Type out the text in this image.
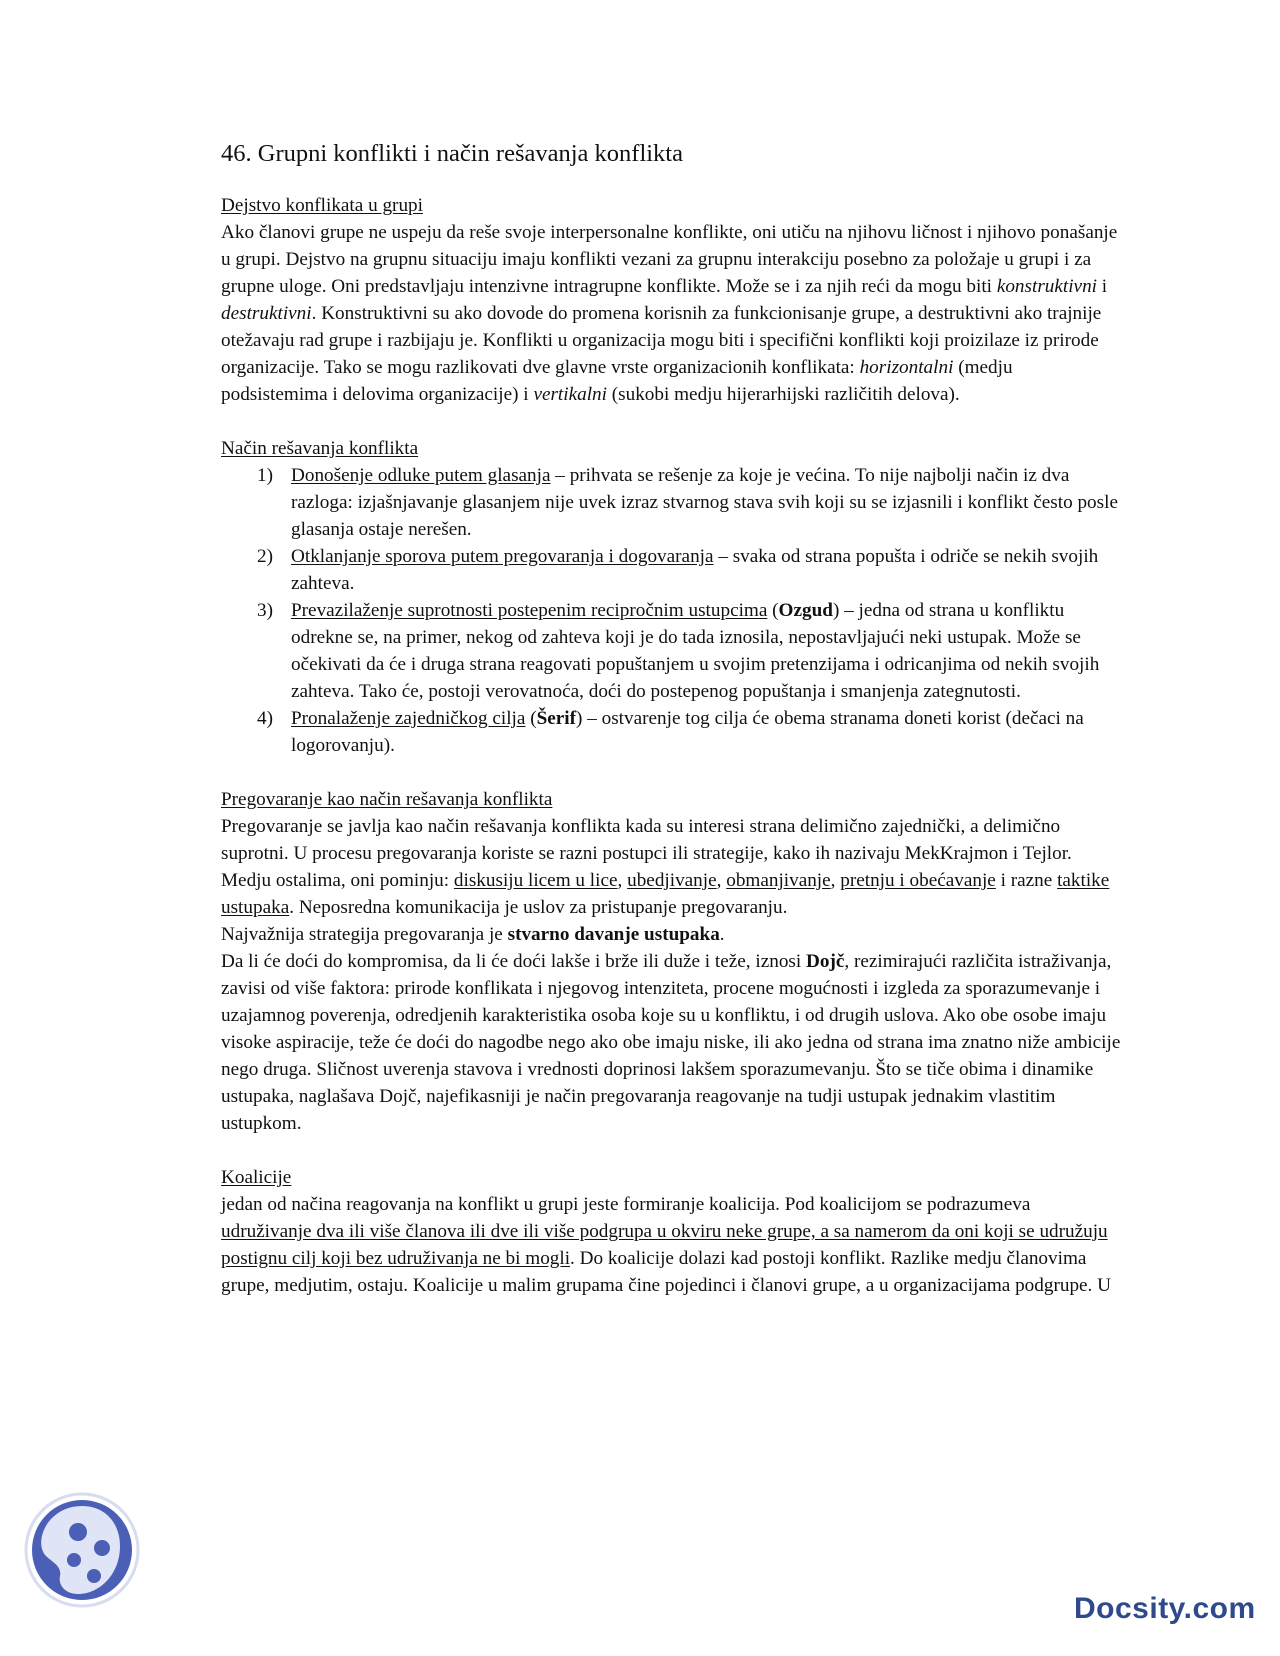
46. Grupni konflikti i način rešavanja konflikta
Dejstvo konflikata u grupi

Ako članovi grupe ne uspeju da reše svoje interpersonalne konflikte, oni utiču na njihovu ličnost i njihovo ponašanje u grupi. Dejstvo na grupnu situaciju imaju konflikti vezani za grupnu interakciju posebno za položaje u grupi i za grupne uloge. Oni predstavljaju intenzivne intragrupne konflikte. Može se i za njih reći da mogu biti konstruktivni i destruktivni. Konstruktivni su ako dovode do promena korisnih za funkcionisanje grupe, a destruktivni ako trajnije otežavaju rad grupe i razbijaju je. Konflikti u organizacija mogu biti i specifični konflikti koji proizilaze iz prirode organizacije. Tako se mogu razlikovati dve glavne vrste organizacionih konflikata: horizontalni (medju podsistemima i delovima organizacije) i vertikalni (sukobi medju hijerarhijski različitih delova).

Način rešavanja konflikta
1) Donošenje odluke putem glasanja – prihvata se rešenje za koje je većina. To nije najbolji način iz dva razloga: izjašnjavanje glasanjem nije uvek izraz stvarnog stava svih koji su se izjasnili i konflikt često posle glasanja ostaje nerešen.
2) Otklanjanje sporova putem pregovaranja i dogovaranja – svaka od strana popušta i odriče se nekih svojih zahteva.
3) Prevazilaženje suprotnosti postepenim recipročnim ustupcima (Ozgud) – jedna od strana u konfliktu odrekne se, na primer, nekog od zahteva koji je do tada iznosila, nepostavljajući neki ustupak. Može se očekivati da će i druga strana reagovati popuštanjem u svojim pretenzijama i odricanjima od nekih svojih zahteva. Tako će, postoji verovatnoća, doći do postepenog popuštanja i smanjenja zategnutosti.
4) Pronalaženje zajedničkog cilja (Šerif) – ostvarenje tog cilja će obema stranama doneti korist (dečaci na logorovanju).
Pregovaranje kao način rešavanja konflikta

Pregovaranje se javlja kao način rešavanja konflikta kada su interesi strana delimično zajednički, a delimično suprotni. U procesu pregovaranja koriste se razni postupci ili strategije, kako ih nazivaju MekKrajmon i Tejlor. Medju ostalima, oni pominju: diskusiju licem u lice, ubedjivanje, obmanjivanje, pretnju i obećavanje i razne taktike ustupaka. Neposredna komunikacija je uslov za pristupanje pregovaranju.

Najvažnija strategija pregovaranja je stvarno davanje ustupaka.

Da li će doći do kompromisa, da li će doći lakše i brže ili duže i teže, iznosi Dojč, rezimirajući različita istraživanja, zavisi od više faktora: prirode konflikata i njegovog intenziteta, procene mogućnosti i izgleda za sporazumevanje i uzajamnog poverenja, odredjenih karakteristika osoba koje su u konfliktu, i od drugih uslova. Ako obe osobe imaju visoke aspiracije, teže će doći do nagodbe nego ako obe imaju niske, ili ako jedna od strana ima znatno niže ambicije nego druga. Sličnost uverenja stavova i vrednosti doprinosi lakšem sporazumevanju. Što se tiče obima i dinamike ustupaka, naglašava Dojč, najefikasniji je način pregovaranja reagovanje na tudji ustupak jednakim vlastitim ustupkom.

Koalicije

jedan od načina reagovanja na konflikt u grupi jeste formiranje koalicija. Pod koalicijom se podrazumeva udruživanje dva ili više članova ili dve ili više podgrupa u okviru neke grupe, a sa namerom da oni koji se udružuju postignu cilj koji bez udruživanja ne bi mogli. Do koalicije dolazi kad postoji konflikt. Razlike medju članovima grupe, medjutim, ostaju. Koalicije u malim grupama čine pojedinci i članovi grupe, a u organizacijama podgrupe. U

Docsity.com
